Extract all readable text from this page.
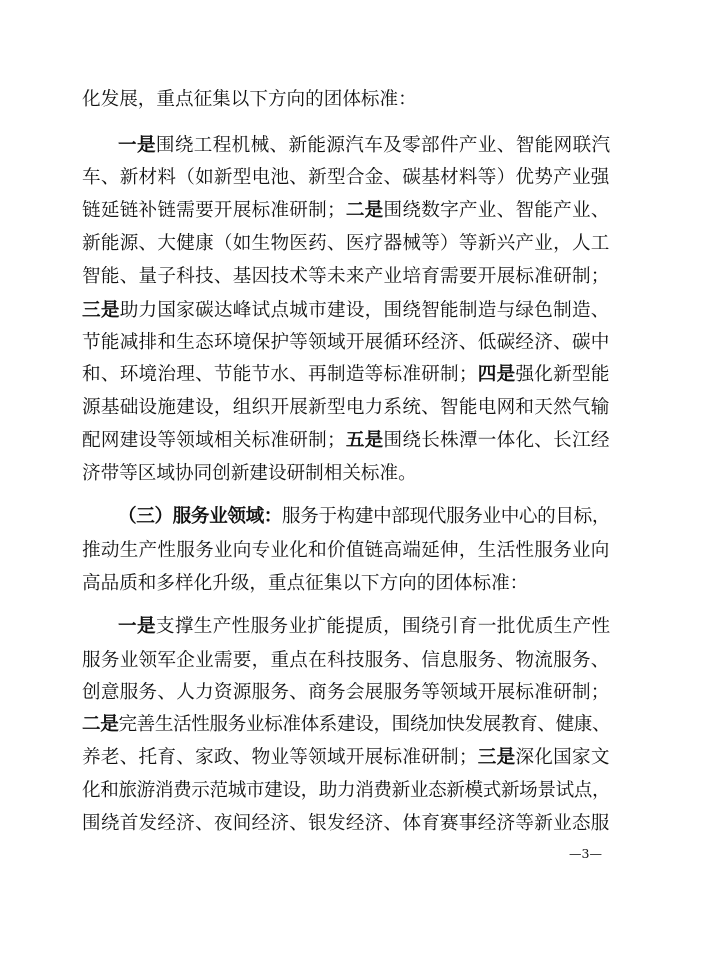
化发展，重点征集以下方向的团体标准：
一是围绕工程机械、新能源汽车及零部件产业、智能网联汽
车、新材料（如新型电池、新型合金、碳基材料等）优势产业强
链延链补链需要开展标准研制；二是围绕数字产业、智能产业、
新能源、大健康（如生物医药、医疗器械等）等新兴产业，人工
智能、量子科技、基因技术等未来产业培育需要开展标准研制；
三是助力国家碳达峰试点城市建设，围绕智能制造与绿色制造、
节能减排和生态环境保护等领域开展循环经济、低碳经济、碳中
和、环境治理、节能节水、再制造等标准研制；四是强化新型能
源基础设施建设，组织开展新型电力系统、智能电网和天然气输
配网建设等领域相关标准研制；五是围绕长株潭一体化、长江经
济带等区域协同创新建设研制相关标准。
（三）服务业领域：服务于构建中部现代服务业中心的目标，
推动生产性服务业向专业化和价值链高端延伸，生活性服务业向
高品质和多样化升级，重点征集以下方向的团体标准：
一是支撑生产性服务业扩能提质，围绕引育一批优质生产性
服务业领军企业需要，重点在科技服务、信息服务、物流服务、
创意服务、人力资源服务、商务会展服务等领域开展标准研制；
二是完善生活性服务业标准体系建设，围绕加快发展教育、健康、
养老、托育、家政、物业等领域开展标准研制；三是深化国家文
化和旅游消费示范城市建设，助力消费新业态新模式新场景试点，
围绕首发经济、夜间经济、银发经济、体育赛事经济等新业态服
—3—
